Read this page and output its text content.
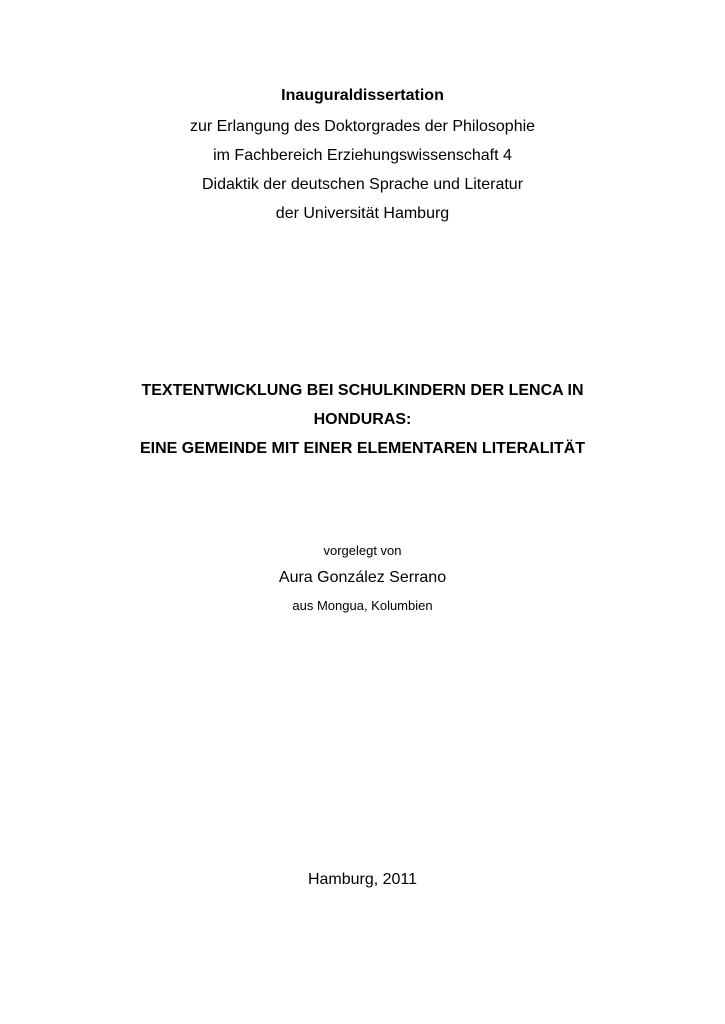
Inauguraldissertation
zur Erlangung des Doktorgrades der Philosophie
im Fachbereich Erziehungswissenschaft 4
Didaktik der deutschen Sprache und Literatur
der Universität Hamburg
TEXTENTWICKLUNG BEI SCHULKINDERN DER LENCA IN
HONDURAS:
EINE GEMEINDE MIT EINER ELEMENTAREN LITERALITÄT
vorgelegt von
Aura González Serrano
aus Mongua, Kolumbien
Hamburg, 2011
